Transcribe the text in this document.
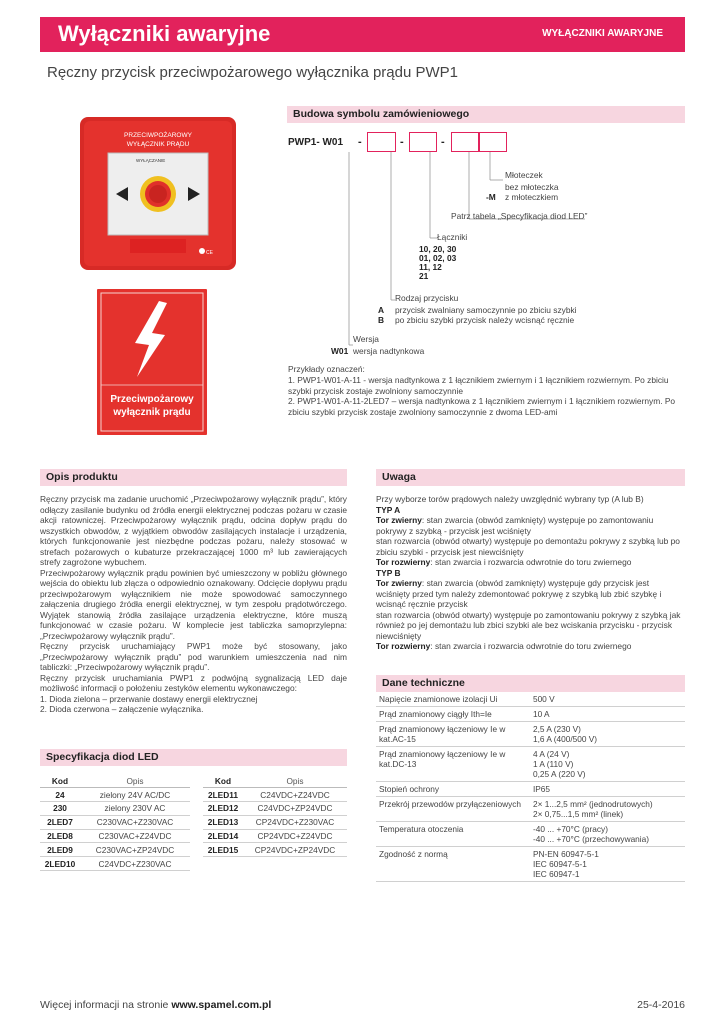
Wyłączniki awaryjne	WYŁĄCZNIKI AWARYJNE
Ręczny przycisk przeciwpożarowego wyłącznika prądu PWP1
PRZECIWPOŻAROWY
WYŁĄCZNIK PRĄDU
WYŁĄCZANIE
CE
Przeciwpożarowy
wyłącznik prądu
Budowa symbolu zamówieniowego
PWP1- W01 -	-	-
Młoteczek
bez młoteczka
-M z młoteczkiem
Patrz tabela „Specyfikacja diod LED”
Łączniki
10, 20, 30
01, 02, 03
11, 12
21
Rodzaj przycisku
A przycisk zwalniany samoczynnie po zbiciu szybki
B po zbiciu szybki przycisk należy wcisnąć ręcznie
Wersja
W01 wersja nadtynkowa
Przykłady oznaczeń:
1. PWP1-W01-A-11 - wersja nadtynkowa z 1 łącznikiem zwiernym i 1 łącznikiem rozwiernym. Po zbiciu szybki przycisk zostaje zwolniony samoczynnie
2. PWP1-W01-A-11-2LED7 – wersja nadtynkowa z 1 łącznikiem zwiernym i 1 łącznikiem rozwiernym. Po zbiciu szybki przycisk zostaje zwolniony samoczynnie z dwoma LED-ami
Opis produktu
Ręczny przycisk ma zadanie uruchomić „Przeciwpożarowy wyłącznik prądu”, który odłączy zasilanie budynku od źródła energii elektrycznej podczas pożaru w czasie akcji ratowniczej. Przeciwpożarowy wyłącznik prądu, odcina dopływ prądu do wszystkich obwodów, z wyjątkiem obwodów zasilających instalacje i urządzenia, których funkcjonowanie jest niezbędne podczas pożaru, należy stosować w strefach pożarowych o kubaturze przekraczającej 1000 m³ lub zawierających strefy zagrożone wybuchem.
Przeciwpożarowy wyłącznik prądu powinien być umieszczony w pobliżu głównego wejścia do obiektu lub złącza o odpowiednio oznakowany. Odcięcie dopływu prądu przeciwpożarowym wyłącznikiem nie może spowodować samoczynnego załączenia drugiego źródła energii elektrycznej, w tym zespołu prądotwórczego. Wyjątek stanowią źródła zasilające urządzenia elektryczne, które muszą funkcjonować w czasie pożaru. W komplecie jest tabliczka samoprzylepna: „Przeciwpożarowy wyłącznik prądu”.
Ręczny przycisk uruchamiający PWP1 może być stosowany, jako „Przeciwpożarowy wyłącznik prądu” pod warunkiem umieszczenia nad nim tabliczki: „Przeciwpożarowy wyłącznik prądu”.
Ręczny przycisk uruchamiania PWP1 z podwójną sygnalizacją LED daje możliwość informacji o położeniu zestyków elementu wykonawczego:
1. Dioda zielona – przerwanie dostawy energii elektrycznej
2. Dioda czerwona – załączenie wyłącznika.
Specyfikacja diod LED
Kod	Opis
24	zielony 24V AC/DC
230	zielony 230V AC
2LED7	C230VAC+Z230VAC
2LED8	C230VAC+Z24VDC
2LED9	C230VAC+ZP24VDC
2LED10	C24VDC+Z230VAC
Kod	Opis
2LED11	C24VDC+Z24VDC
2LED12	C24VDC+ZP24VDC
2LED13	CP24VDC+Z230VAC
2LED14	CP24VDC+Z24VDC
2LED15	CP24VDC+ZP24VDC
Uwaga
Przy wyborze torów prądowych należy uwzględnić wybrany typ (A lub B)
TYP A
Tor zwierny: stan zwarcia (obwód zamknięty) występuje po zamontowaniu pokrywy z szybką - przycisk jest wciśnięty
stan rozwarcia (obwód otwarty) występuje po demontażu pokrywy z szybką lub po zbiciu szybki - przycisk jest niewciśnięty
Tor rozwierny: stan zwarcia i rozwarcia odwrotnie do toru zwiernego
TYP B
Tor zwierny: stan zwarcia (obwód zamknięty) występuje gdy przycisk jest wciśnięty przed tym należy zdemontować pokrywę z szybką lub zbić szybkę i wcisnąć ręcznie przycisk
stan rozwarcia (obwód otwarty) występuje po zamontowaniu pokrywy z szybką jak również po jej demontażu lub zbici szybki ale bez wciskania przycisku - przycisk niewciśnięty
Tor rozwierny: stan zwarcia i rozwarcia odwrotnie do toru zwiernego
Dane techniczne
Napięcie znamionowe izolacji Ui	500 V
Prąd znamionowy ciągły Ith=Ie	10 A
Prąd znamionowy łączeniowy Ie w kat.AC-15	2,5 A (230 V)
1,6 A (400/500 V)
Prąd znamionowy łączeniowy Ie w kat.DC-13	4 A (24 V)
1 A (110 V)
0,25 A (220 V)
Stopień ochrony	IP65
Przekrój przewodów przyłączeniowych	2× 1...2,5 mm² (jednodrutowych)
2× 0,75...1,5 mm² (linek)
Temperatura otoczenia	-40 ... +70°C (pracy)
-40 ... +70°C (przechowywania)
Zgodność z normą	PN-EN 60947-5-1
IEC 60947-5-1
IEC 60947-1
Więcej informacji na stronie www.spamel.com.pl	25-4-2016
